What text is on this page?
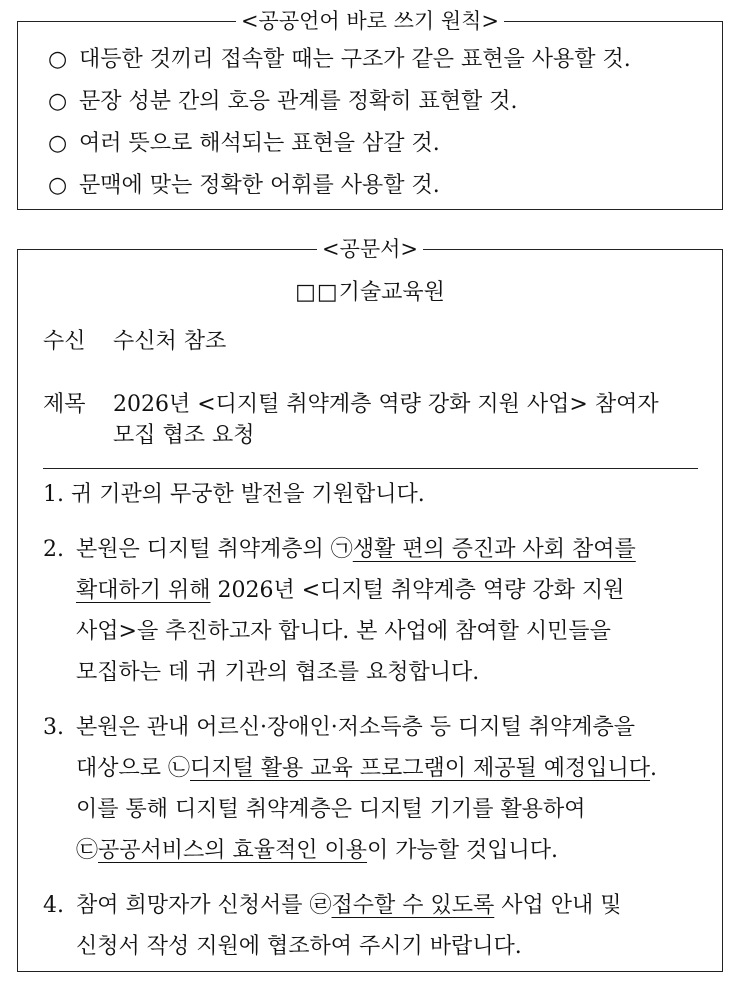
<공공언어 바로 쓰기 원칙>
○ 대등한 것끼리 접속할 때는 구조가 같은 표현을 사용할 것.
○ 문장 성분 간의 호응 관계를 정확히 표현할 것.
○ 여러 뜻으로 해석되는 표현을 삼갈 것.
○ 문맥에 맞는 정확한 어휘를 사용할 것.
<공문서>
□□기술교육원
수신 수신처 참조
제목 2026년 <디지털 취약계층 역량 강화 지원 사업> 참여자
모집 협조 요청
1. 귀 기관의 무궁한 발전을 기원합니다.
2. 본원은 디지털 취약계층의 ㉠생활 편의 증진과 사회 참여를
확대하기 위해 2026년 <디지털 취약계층 역량 강화 지원
사업>을 추진하고자 합니다. 본 사업에 참여할 시민들을
모집하는 데 귀 기관의 협조를 요청합니다.
3. 본원은 관내 어르신·장애인·저소득층 등 디지털 취약계층을
대상으로 ㉡디지털 활용 교육 프로그램이 제공될 예정입니다.
이를 통해 디지털 취약계층은 디지털 기기를 활용하여
㉢공공서비스의 효율적인 이용이 가능할 것입니다.
4. 참여 희망자가 신청서를 ㉣접수할 수 있도록 사업 안내 및
신청서 작성 지원에 협조하여 주시기 바랍니다.
